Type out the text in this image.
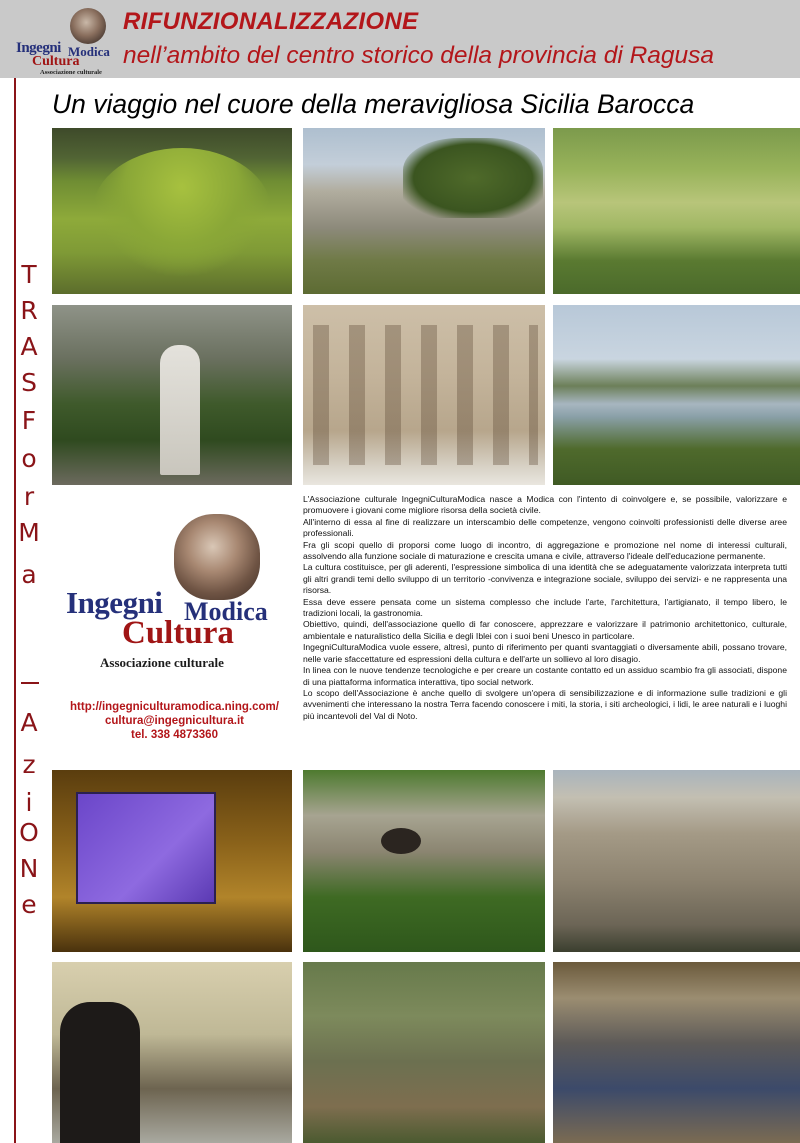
Ingegni Modica
Cultura
Associazione culturale
RIFUNZIONALIZZAZIONE
nell’ambito del centro storico della provincia di Ragusa
T
R
A
S
F
o
r
M
a
A
z
i
O
N
e
Un viaggio nel cuore della meravigliosa Sicilia Barocca
Ingegni Modica
Cultura
Associazione culturale
http://ingegniculturamodica.ning.com/
cultura@ingegnicultura.it
tel. 338 4873360

L'Associazione culturale IngegniCulturaModica nasce a Modica con l'intento di coinvolgere e, se possibile, valorizzare e promuovere i giovani come migliore risorsa della società civile.

All'interno di essa al fine di realizzare un interscambio delle competenze, vengono coinvolti professionisti delle diverse aree professionali.

Fra gli scopi quello di proporsi come luogo di incontro, di aggregazione e promozione nel nome di interessi culturali, assolvendo alla funzione sociale di maturazione e crescita umana e civile, attraverso l'ideale dell'educazione permanente.

La cultura costituisce, per gli aderenti, l'espressione simbolica di una identità che se adeguatamente valorizzata interpreta tutti gli altri grandi temi dello sviluppo di un territorio -convivenza e integrazione sociale, sviluppo dei servizi- e ne rappresenta una risorsa.

Essa deve essere pensata come un sistema complesso che include l'arte, l'architettura, l'artigianato, il tempo libero, le tradizioni locali, la gastronomia.

Obiettivo, quindi, dell'associazione quello di far conoscere, apprezzare e valorizzare il patrimonio architettonico, culturale, ambientale e naturalistico della Sicilia e degli Iblei con i suoi beni Unesco in particolare.

IngegniCulturaModica vuole essere, altresì, punto di riferimento per quanti svantaggiati o diversamente abili, possano trovare, nelle varie sfaccettature ed espressioni della cultura e dell'arte un sollievo al loro disagio.

In linea con le nuove tendenze tecnologiche e per creare un costante contatto ed un assiduo scambio fra gli associati, dispone di una piattaforma informatica interattiva, tipo social network.

Lo scopo dell'Associazione è anche quello di svolgere un'opera di sensibilizzazione e di informazione sulle tradizioni e gli avvenimenti che interessano la nostra Terra facendo conoscere i miti, la storia, i siti archeologici, i lidi, le aree naturali e i luoghi più incantevoli del Val di Noto.
